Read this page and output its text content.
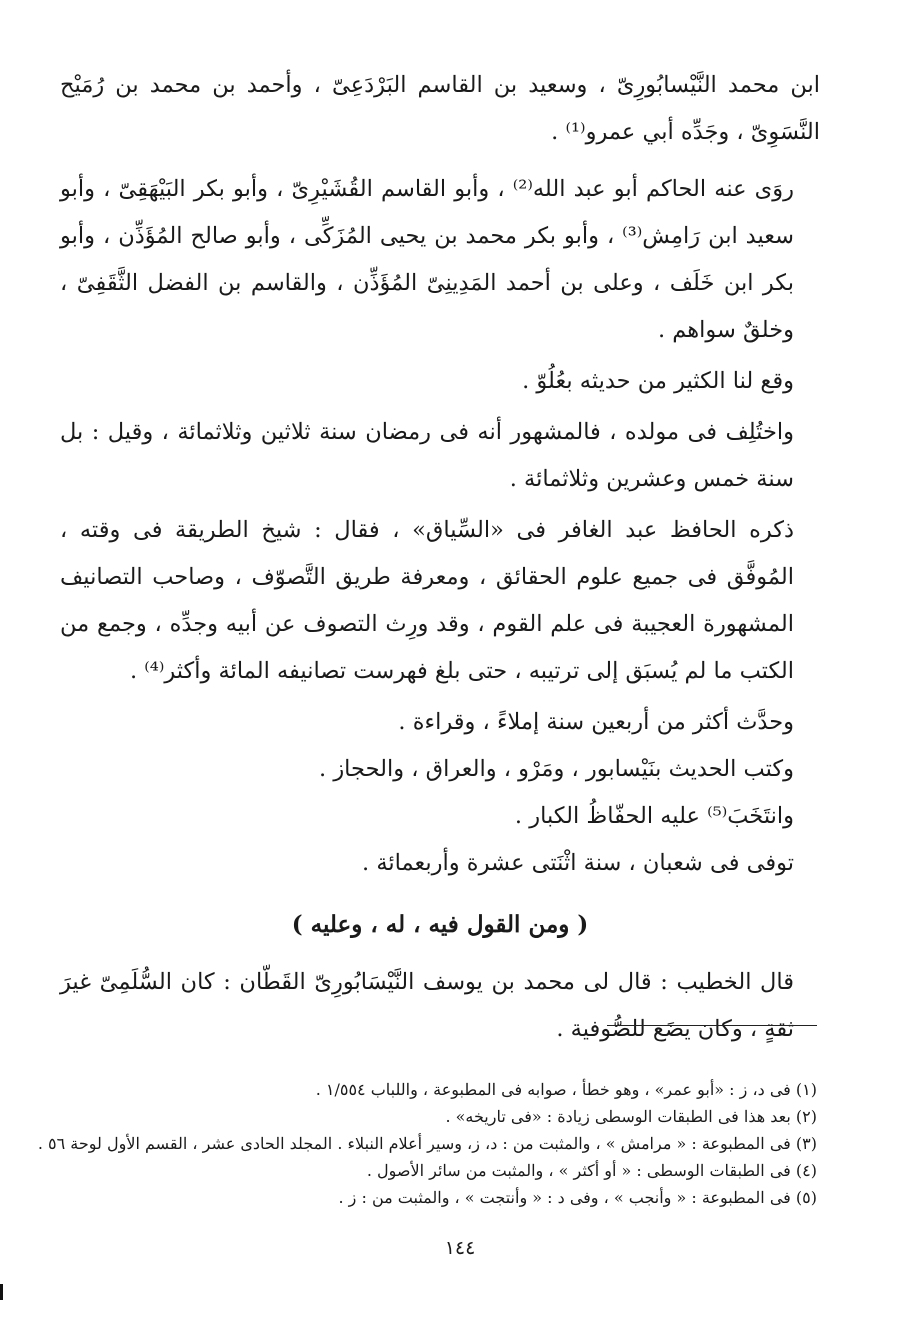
ابن محمد النَّيْسابُورِىّ ، وسعيد بن القاسم البَرْدَعِىّ ، وأحمد بن محمد بن رُمَيْح النَّسَوِىّ ، وجَدِّه أبي عمرو⁽¹⁾ .

روَى عنه الحاكم أبو عبد الله⁽²⁾ ، وأبو القاسم القُشَيْرِىّ ، وأبو بكر البَيْهَقِىّ ، وأبو سعيد ابن رَامِش⁽³⁾ ، وأبو بكر محمد بن يحيى المُزَكِّى ، وأبو صالح المُؤَذِّن ، وأبو بكر ابن خَلَف ، وعلى بن أحمد المَدِينِىّ المُؤَذِّن ، والقاسم بن الفضل الثَّقَفِىّ ، وخلقٌ سواهم .

وقع لنا الكثير من حديثه بعُلُوّ .

واختُلِف فى مولده ، فالمشهور أنه فى رمضان سنة ثلاثين وثلاثمائة ، وقيل : بل سنة خمس وعشرين وثلاثمائة .

ذكره الحافظ عبد الغافر فى «السِّياق» ، فقال : شيخ الطريقة فى وقته ، المُوفَّق فى جميع علوم الحقائق ، ومعرفة طريق التَّصوّف ، وصاحب التصانيف المشهورة العجيبة فى علم القوم ، وقد ورِث التصوف عن أبيه وجدِّه ، وجمع من الكتب ما لم يُسبَق إلى ترتيبه ، حتى بلغ فهرست تصانيفه المائة وأكثر⁽⁴⁾ .

وحدَّث أكثر من أربعين سنة إملاءً ، وقراءة .

وكتب الحديث بنَيْسابور ، ومَرْو ، والعراق ، والحجاز .

وانتَخَبَ⁽⁵⁾ عليه الحفّاظُ الكبار .

توفى فى شعبان ، سنة اثْنَتى عشرة وأربعمائة .

( ومن القول فيه ، له ، وعليه )

قال الخطيب : قال لى محمد بن يوسف النَّيْسَابُورِىّ القَطّان : كان السُّلَمِىّ غيرَ ثقةٍ ، وكان يضَع للصُّوفية .

(١) فى د، ز : «أبو عمر» ، وهو خطأ ، صوابه فى المطبوعة ، واللباب ١/٥٥٤ .

(٢) بعد هذا فى الطبقات الوسطى زيادة : «فى تاريخه» .

(٣) فى المطبوعة : « مرامش » ، والمثبت من : د، ز، وسير أعلام النبلاء . المجلد الحادى عشر ، القسم الأول لوحة ٥٦ .

(٤) فى الطبقات الوسطى : « أو أكثر » ، والمثبت من سائر الأصول .

(٥) فى المطبوعة : « وأنجب » ، وفى د : « وأنتجت » ، والمثبت من : ز .

١٤٤
